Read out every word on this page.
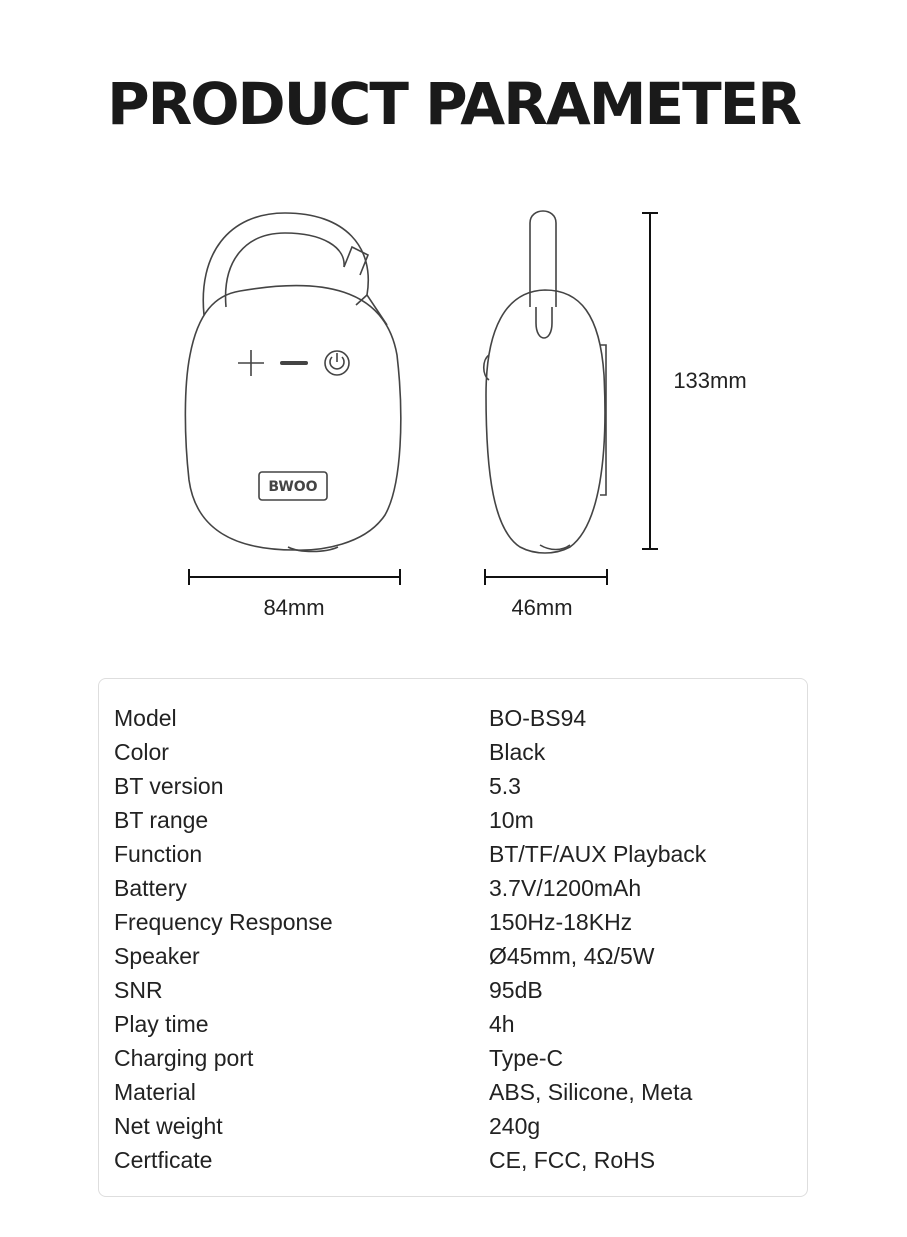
PRODUCT PARAMETER
BWOO
84mm	46mm
133mm
Model	BO-BS94
Color	Black
BT version	5.3
BT range	10m
Function	BT/TF/AUX Playback
Battery	3.7V/1200mAh
Frequency Response	150Hz-18KHz
Speaker	Ø45mm, 4Ω/5W
SNR	95dB
Play time	4h
Charging port	Type-C
Material	ABS, Silicone, Meta
Net weight	240g
Certficate	CE, FCC, RoHS
